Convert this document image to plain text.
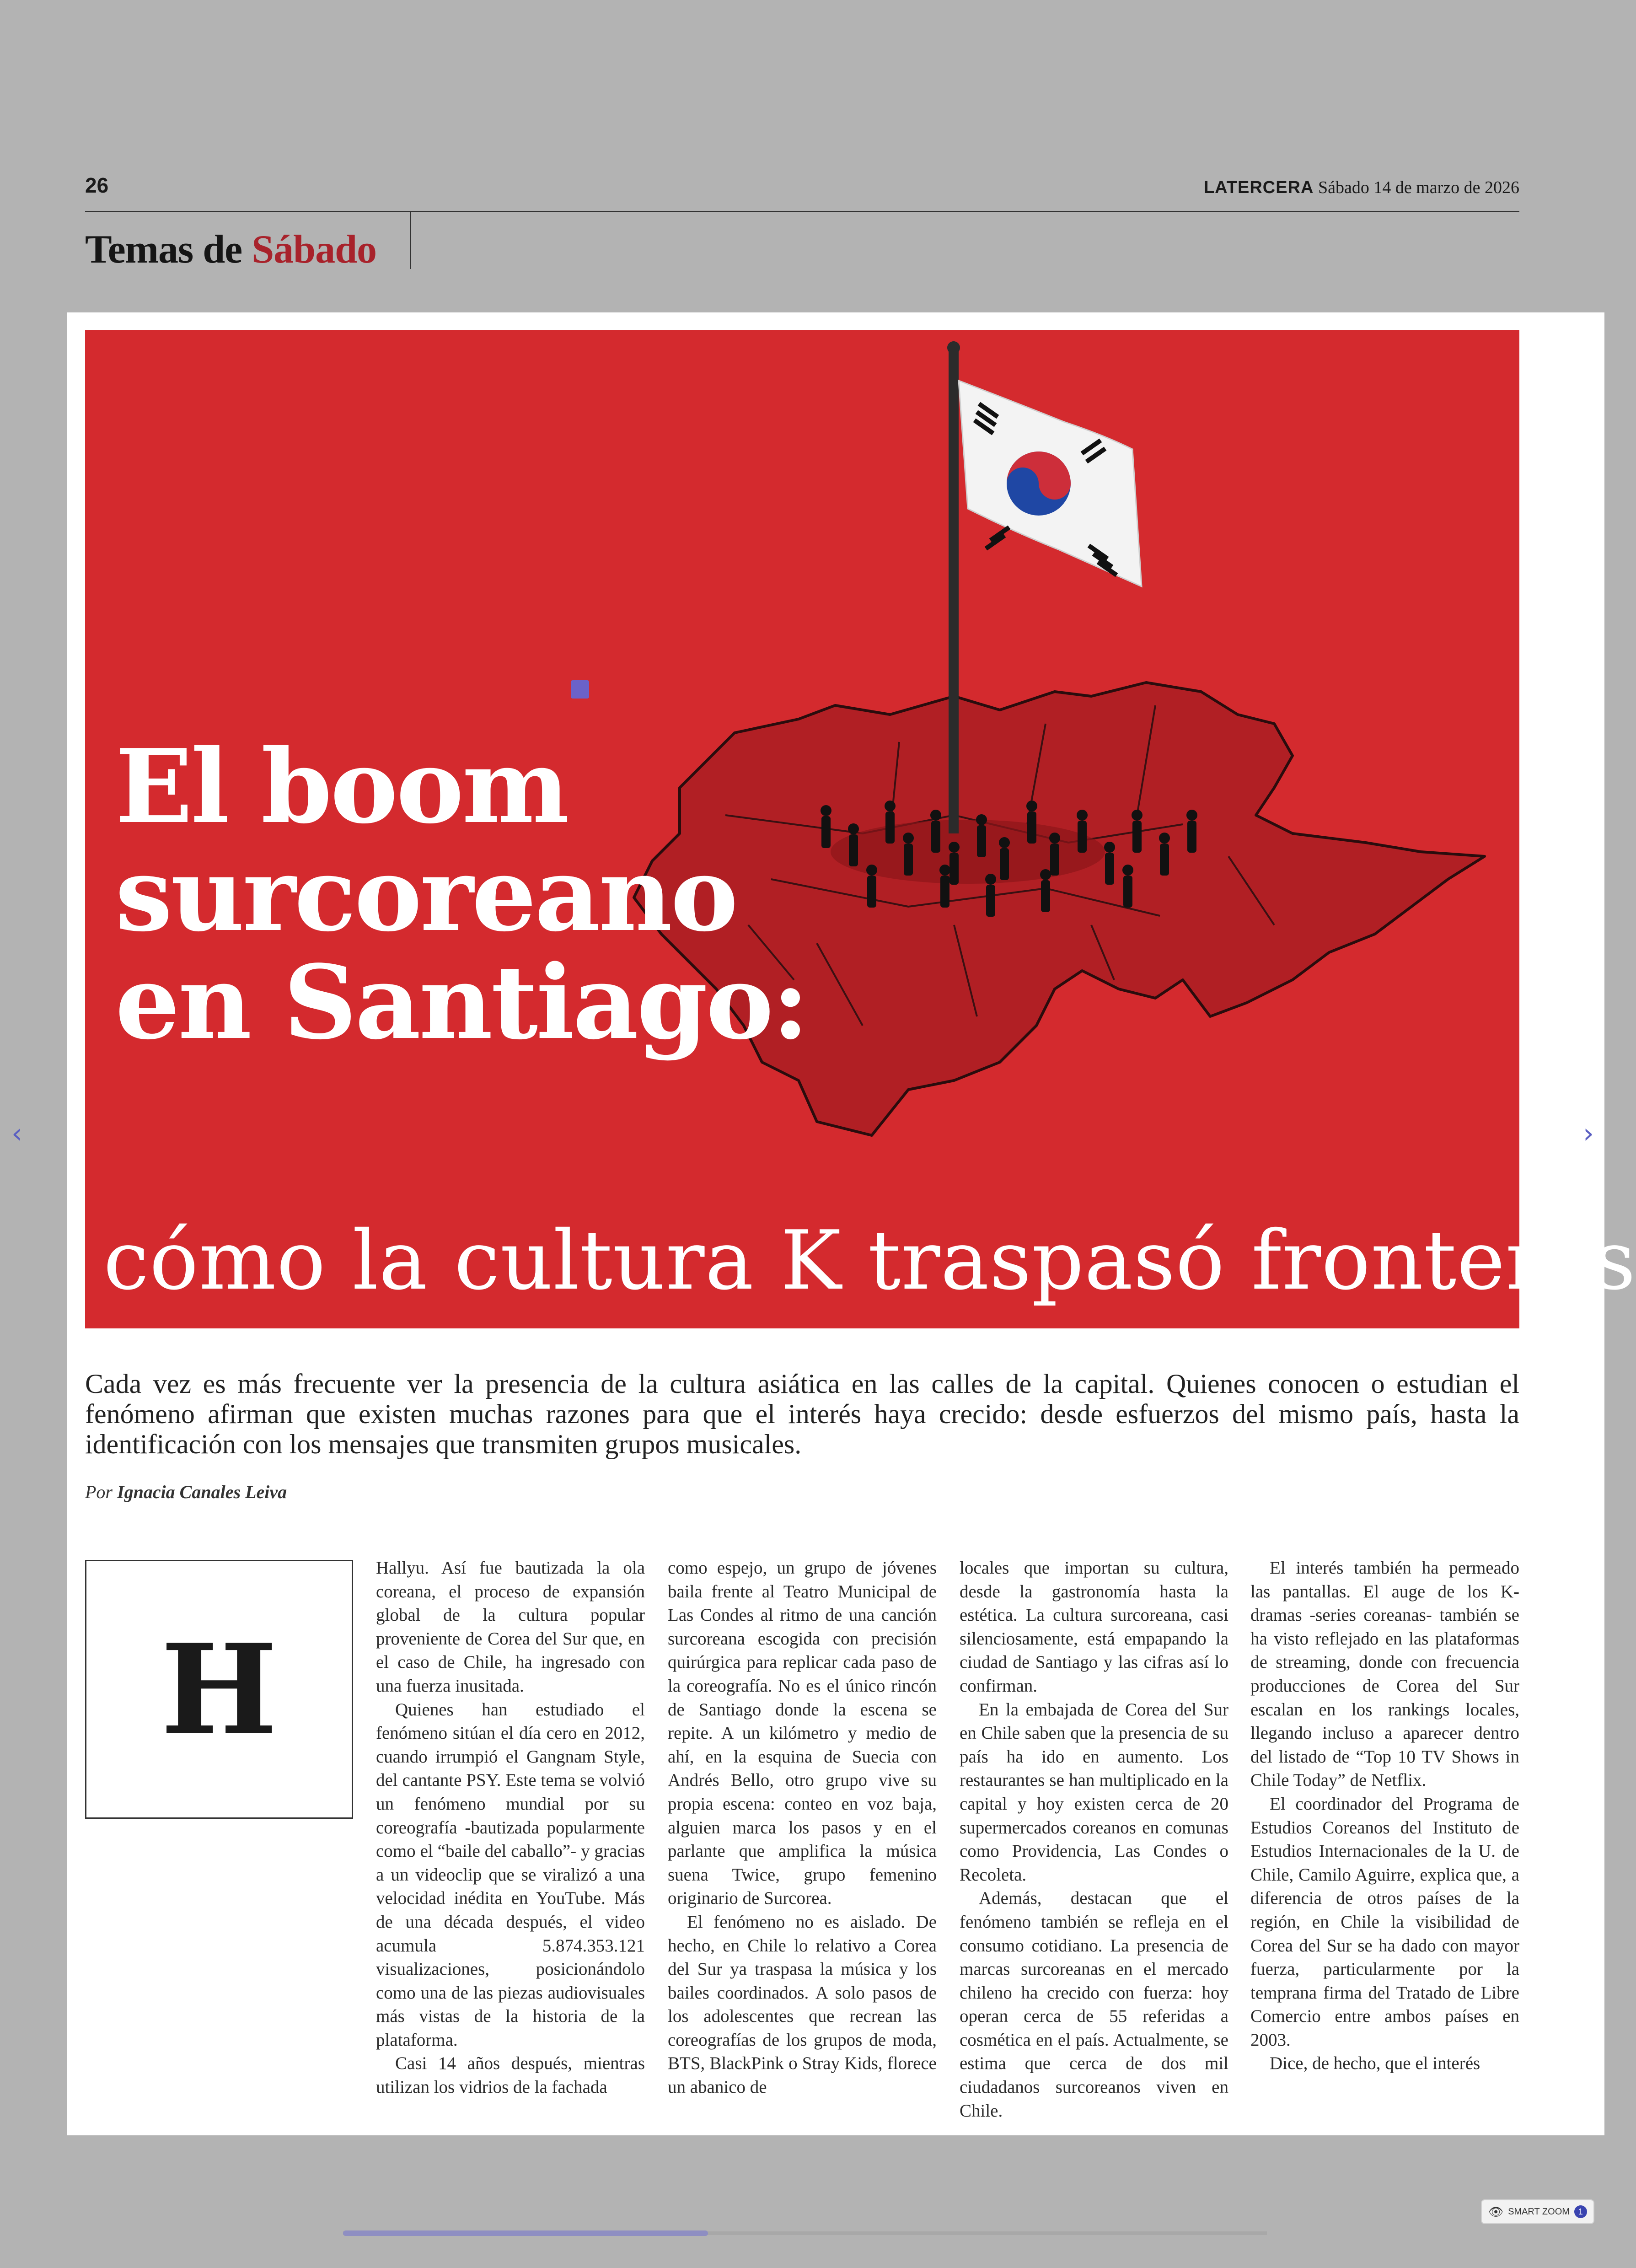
26	LATERCERA Sábado 14 de marzo de 2026
Temas de Sábado
El boom surcoreano en Santiago:
cómo la cultura K traspasó fronteras

Cada vez es más frecuente ver la presencia de la cultura asiática en las calles de la capital. Quienes conocen o estudian el fenómeno afirman que existen muchas razones para que el interés haya crecido: desde esfuerzos del mismo país, hasta la identificación con los mensajes que transmiten grupos musicales.

Por Ignacia Canales Leiva
H

Hallyu. Así fue bautizada la ola coreana, el proceso de expansión global de la cultura popular proveniente de Corea del Sur que, en el caso de Chile, ha ingresado con una fuerza inusitada.

Quienes han estudiado el fenómeno sitúan el día cero en 2012, cuando irrumpió el Gangnam Style, del cantante PSY. Este tema se volvió un fenómeno mundial por su coreografía -bautizada popularmente como el “baile del caballo”- y gracias a un videoclip que se viralizó a una velocidad inédita en YouTube. Más de una década después, el video acumula 5.874.353.121 visualizaciones, posicionándolo como una de las piezas audiovisuales más vistas de la historia de la plataforma.

Casi 14 años después, mientras utilizan los vidrios de la fachada

como espejo, un grupo de jóvenes baila frente al Teatro Municipal de Las Condes al ritmo de una canción surcoreana escogida con precisión quirúrgica para replicar cada paso de la coreografía. No es el único rincón de Santiago donde la escena se repite. A un kilómetro y medio de ahí, en la esquina de Suecia con Andrés Bello, otro grupo vive su propia escena: conteo en voz baja, alguien marca los pasos y en el parlante que amplifica la música suena Twice, grupo femenino originario de Surcorea.

El fenómeno no es aislado. De hecho, en Chile lo relativo a Corea del Sur ya traspasa la música y los bailes coordinados. A solo pasos de los adolescentes que recrean las coreografías de los grupos de moda, BTS, BlackPink o Stray Kids, florece un abanico de

locales que importan su cultura, desde la gastronomía hasta la estética. La cultura surcoreana, casi silenciosamente, está empapando la ciudad de Santiago y las cifras así lo confirman.

En la embajada de Corea del Sur en Chile saben que la presencia de su país ha ido en aumento. Los restaurantes se han multiplicado en la capital y hoy existen cerca de 20 supermercados coreanos en comunas como Providencia, Las Condes o Recoleta.

Además, destacan que el fenómeno también se refleja en el consumo cotidiano. La presencia de marcas surcoreanas en el mercado chileno ha crecido con fuerza: hoy operan cerca de 55 referidas a cosmética en el país. Actualmente, se estima que cerca de dos mil ciudadanos surcoreanos viven en Chile.

El interés también ha permeado las pantallas. El auge de los K-dramas -series coreanas- también se ha visto reflejado en las plataformas de streaming, donde con frecuencia producciones de Corea del Sur escalan en los rankings locales, llegando incluso a aparecer dentro del listado de “Top 10 TV Shows in Chile Today” de Netflix.

El coordinador del Programa de Estudios Coreanos del Instituto de Estudios Internacionales de la U. de Chile, Camilo Aguirre, explica que, a diferencia de otros países de la región, en Chile la visibilidad de Corea del Sur se ha dado con mayor fuerza, particularmente por la temprana firma del Tratado de Libre Comercio entre ambos países en 2003.

Dice, de hecho, que el interés

‹	›
👁 SMART ZOOM	1
